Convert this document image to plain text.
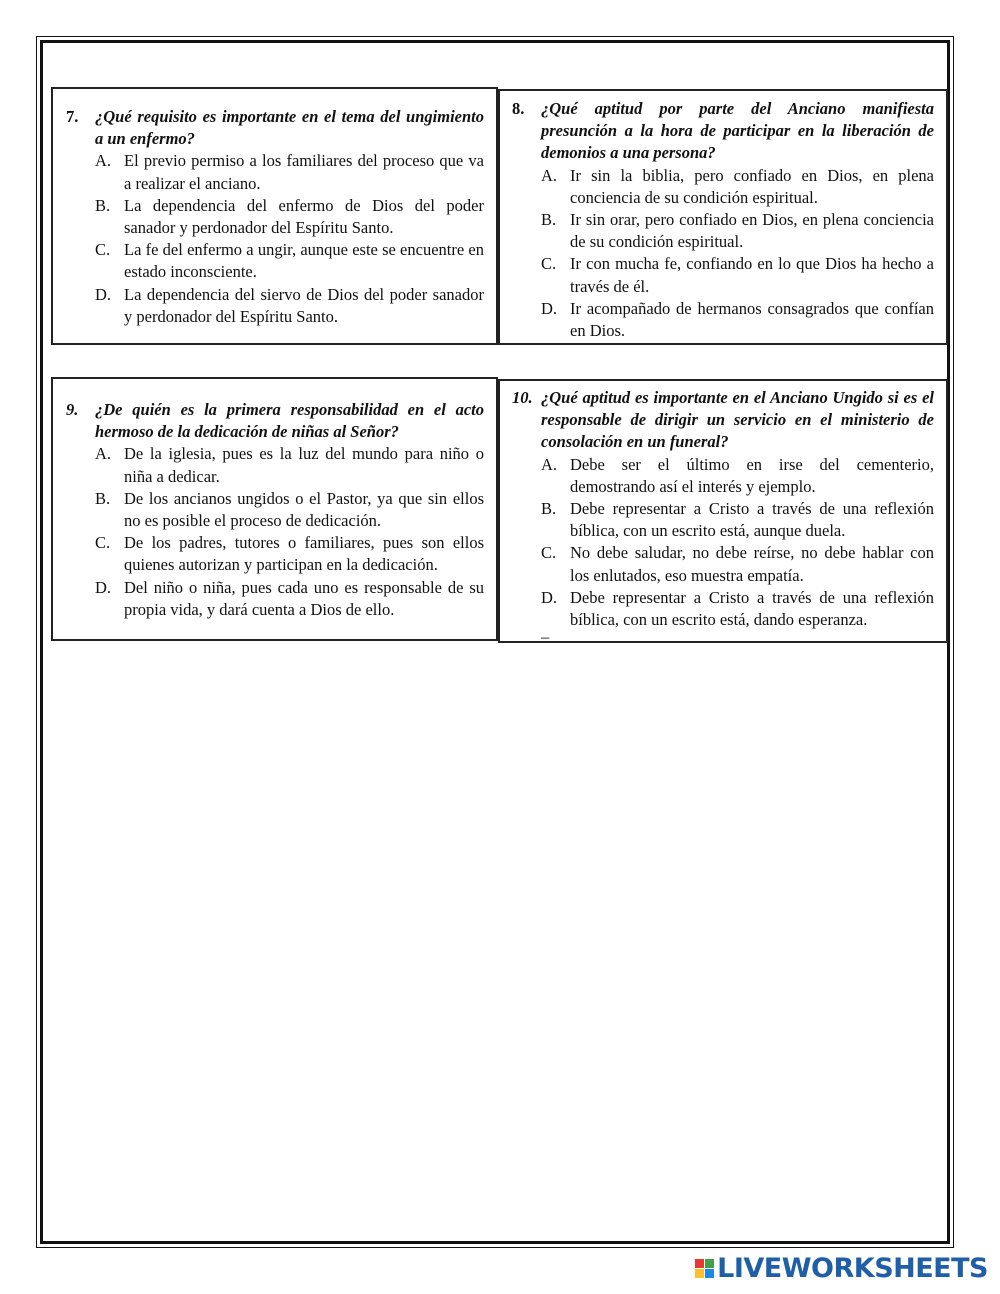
7.	¿Qué requisito es importante en el tema del ungimiento a un enfermo?
A. El previo permiso a los familiares del proceso que va a realizar el anciano.
B. La dependencia del enfermo de Dios del poder sanador y perdonador del Espíritu Santo.
C. La fe del enfermo a ungir, aunque este se encuentre en estado inconsciente.
D. La dependencia del siervo de Dios del poder sanador y perdonador del Espíritu Santo.
8.	¿Qué aptitud por parte del Anciano manifiesta presunción a la hora de participar en la liberación de demonios a una persona?
A. Ir sin la biblia, pero confiado en Dios, en plena conciencia de su condición espiritual.
B. Ir sin orar, pero confiado en Dios, en plena conciencia de su condición espiritual.
C. Ir con mucha fe, confiando en lo que Dios ha hecho a través de él.
D. Ir acompañado de hermanos consagrados que confían en Dios.
9.	¿De quién es la primera responsabilidad en el acto hermoso de la dedicación de niñas al Señor?
A. De la iglesia, pues es la luz del mundo para niño o niña a dedicar.
B. De los ancianos ungidos o el Pastor, ya que sin ellos no es posible el proceso de dedicación.
C. De los padres, tutores o familiares, pues son ellos quienes autorizan y participan en la dedicación.
D. Del niño o niña, pues cada uno es responsable de su propia vida, y dará cuenta a Dios de ello.
10. ¿Qué aptitud es importante en el Anciano Ungido si es el responsable de dirigir un servicio en el ministerio de consolación en un funeral?
A. Debe ser el último en irse del cementerio, demostrando así el interés y ejemplo.
B. Debe representar a Cristo a través de una reflexión bíblica, con un escrito está, aunque duela.
C. No debe saludar, no debe reírse, no debe hablar con los enlutados, eso muestra empatía.
D. Debe representar a Cristo a través de una reflexión bíblica, con un escrito está, dando esperanza.
–
LIVEWORKSHEETS
